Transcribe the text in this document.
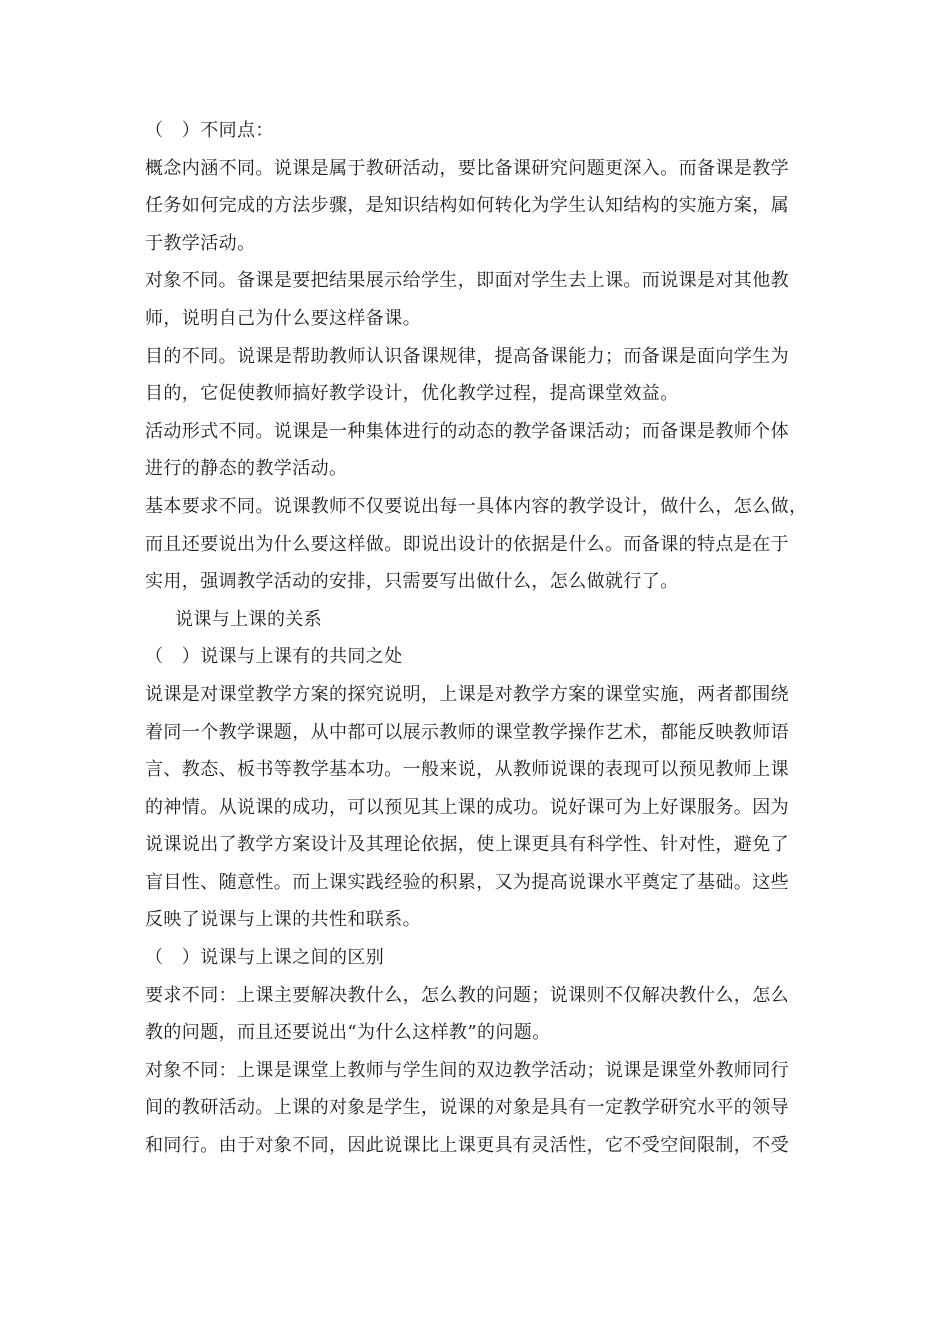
（　）不同点：

概念内涵不同。说课是属于教研活动，要比备课研究问题更深入。而备课是教学

任务如何完成的方法步骤，是知识结构如何转化为学生认知结构的实施方案，属

于教学活动。

对象不同。备课是要把结果展示给学生，即面对学生去上课。而说课是对其他教

师，说明自己为什么要这样备课。

目的不同。说课是帮助教师认识备课规律，提高备课能力；而备课是面向学生为

目的，它促使教师搞好教学设计，优化教学过程，提高课堂效益。

活动形式不同。说课是一种集体进行的动态的教学备课活动；而备课是教师个体

进行的静态的教学活动。

基本要求不同。说课教师不仅要说出每一具体内容的教学设计，做什么，怎么做，

而且还要说出为什么要这样做。即说出设计的依据是什么。而备课的特点是在于

实用，强调教学活动的安排，只需要写出做什么，怎么做就行了。

说课与上课的关系

（　）说课与上课有的共同之处

说课是对课堂教学方案的探究说明，上课是对教学方案的课堂实施，两者都围绕

着同一个教学课题，从中都可以展示教师的课堂教学操作艺术，都能反映教师语

言、教态、板书等教学基本功。一般来说，从教师说课的表现可以预见教师上课

的神情。从说课的成功，可以预见其上课的成功。说好课可为上好课服务。因为

说课说出了教学方案设计及其理论依据，使上课更具有科学性、针对性，避免了

盲目性、随意性。而上课实践经验的积累，又为提高说课水平奠定了基础。这些

反映了说课与上课的共性和联系。

（　）说课与上课之间的区别

要求不同：上课主要解决教什么，怎么教的问题；说课则不仅解决教什么，怎么

教的问题，而且还要说出“为什么这样教”的问题。

对象不同：上课是课堂上教师与学生间的双边教学活动；说课是课堂外教师同行

间的教研活动。上课的对象是学生，说课的对象是具有一定教学研究水平的领导

和同行。由于对象不同，因此说课比上课更具有灵活性，它不受空间限制，不受
